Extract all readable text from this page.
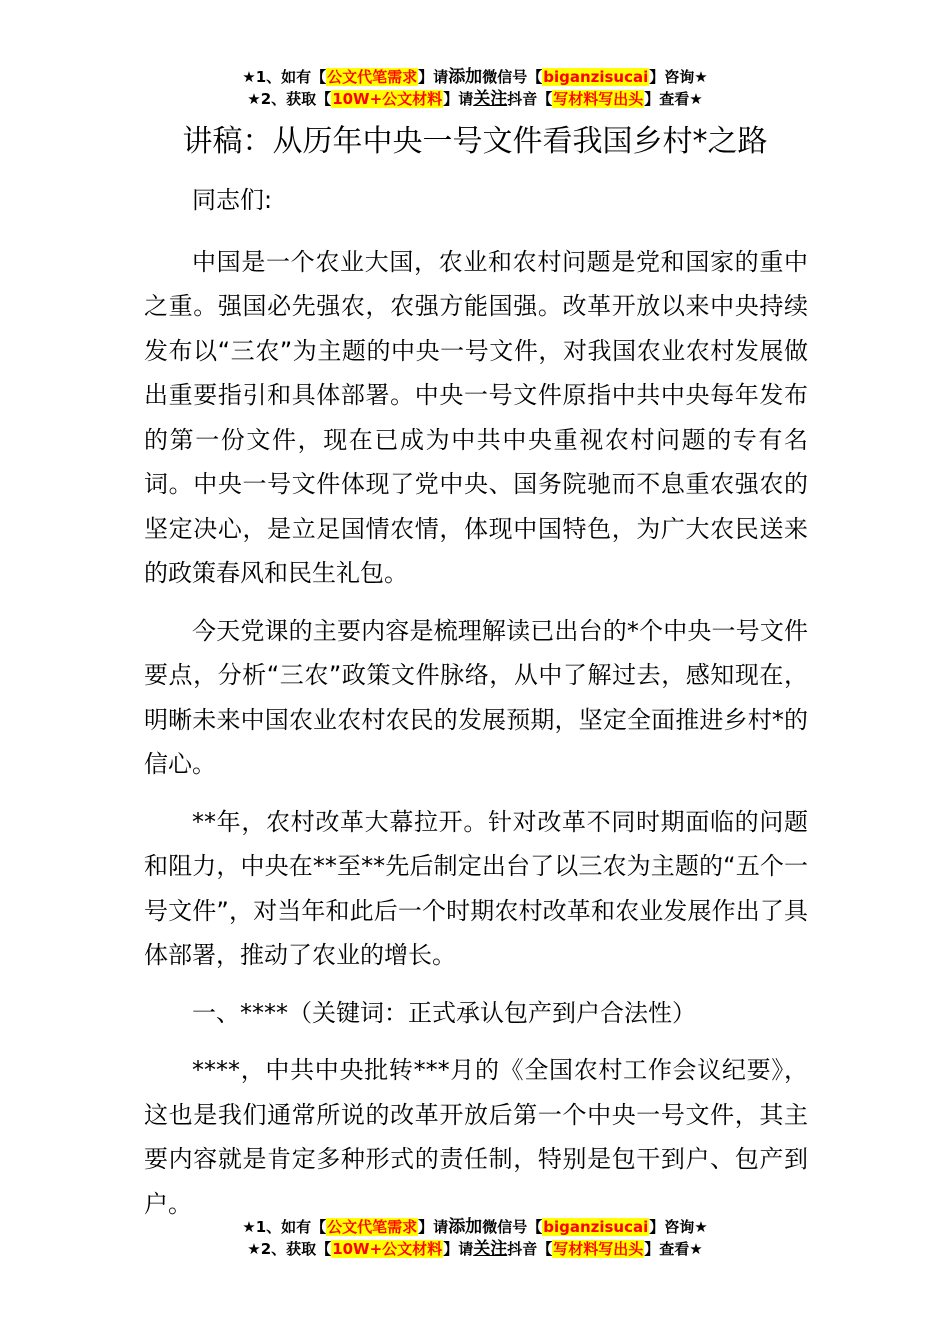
★1、如有【公文代笔需求】请添加微信号【biganzisucai】咨询★
★2、获取【10W+公文材料】请关注抖音【写材料写出头】查看★
讲稿：从历年中央一号文件看我国乡村*之路

同志们:

中国是一个农业大国，农业和农村问题是党和国家的重中之重。强国必先强农，农强方能国强。改革开放以来中央持续发布以“三农”为主题的中央一号文件，对我国农业农村发展做出重要指引和具体部署。中央一号文件原指中共中央每年发布的第一份文件，现在已成为中共中央重视农村问题的专有名词。中央一号文件体现了党中央、国务院驰而不息重农强农的坚定决心，是立足国情农情，体现中国特色，为广大农民送来的政策春风和民生礼包。

今天党课的主要内容是梳理解读已出台的*个中央一号文件要点，分析“三农”政策文件脉络，从中了解过去，感知现在，明晰未来中国农业农村农民的发展预期，坚定全面推进乡村*的信心。

**年，农村改革大幕拉开。针对改革不同时期面临的问题和阻力，中央在**至**先后制定出台了以三农为主题的“五个一号文件”，对当年和此后一个时期农村改革和农业发展作出了具体部署，推动了农业的增长。

一、****（关键词：正式承认包产到户合法性）

****，中共中央批转***月的《全国农村工作会议纪要》，这也是我们通常所说的改革开放后第一个中央一号文件，其主要内容就是肯定多种形式的责任制，特别是包干到户、包产到户。

★1、如有【公文代笔需求】请添加微信号【biganzisucai】咨询★
★2、获取【10W+公文材料】请关注抖音【写材料写出头】查看★
